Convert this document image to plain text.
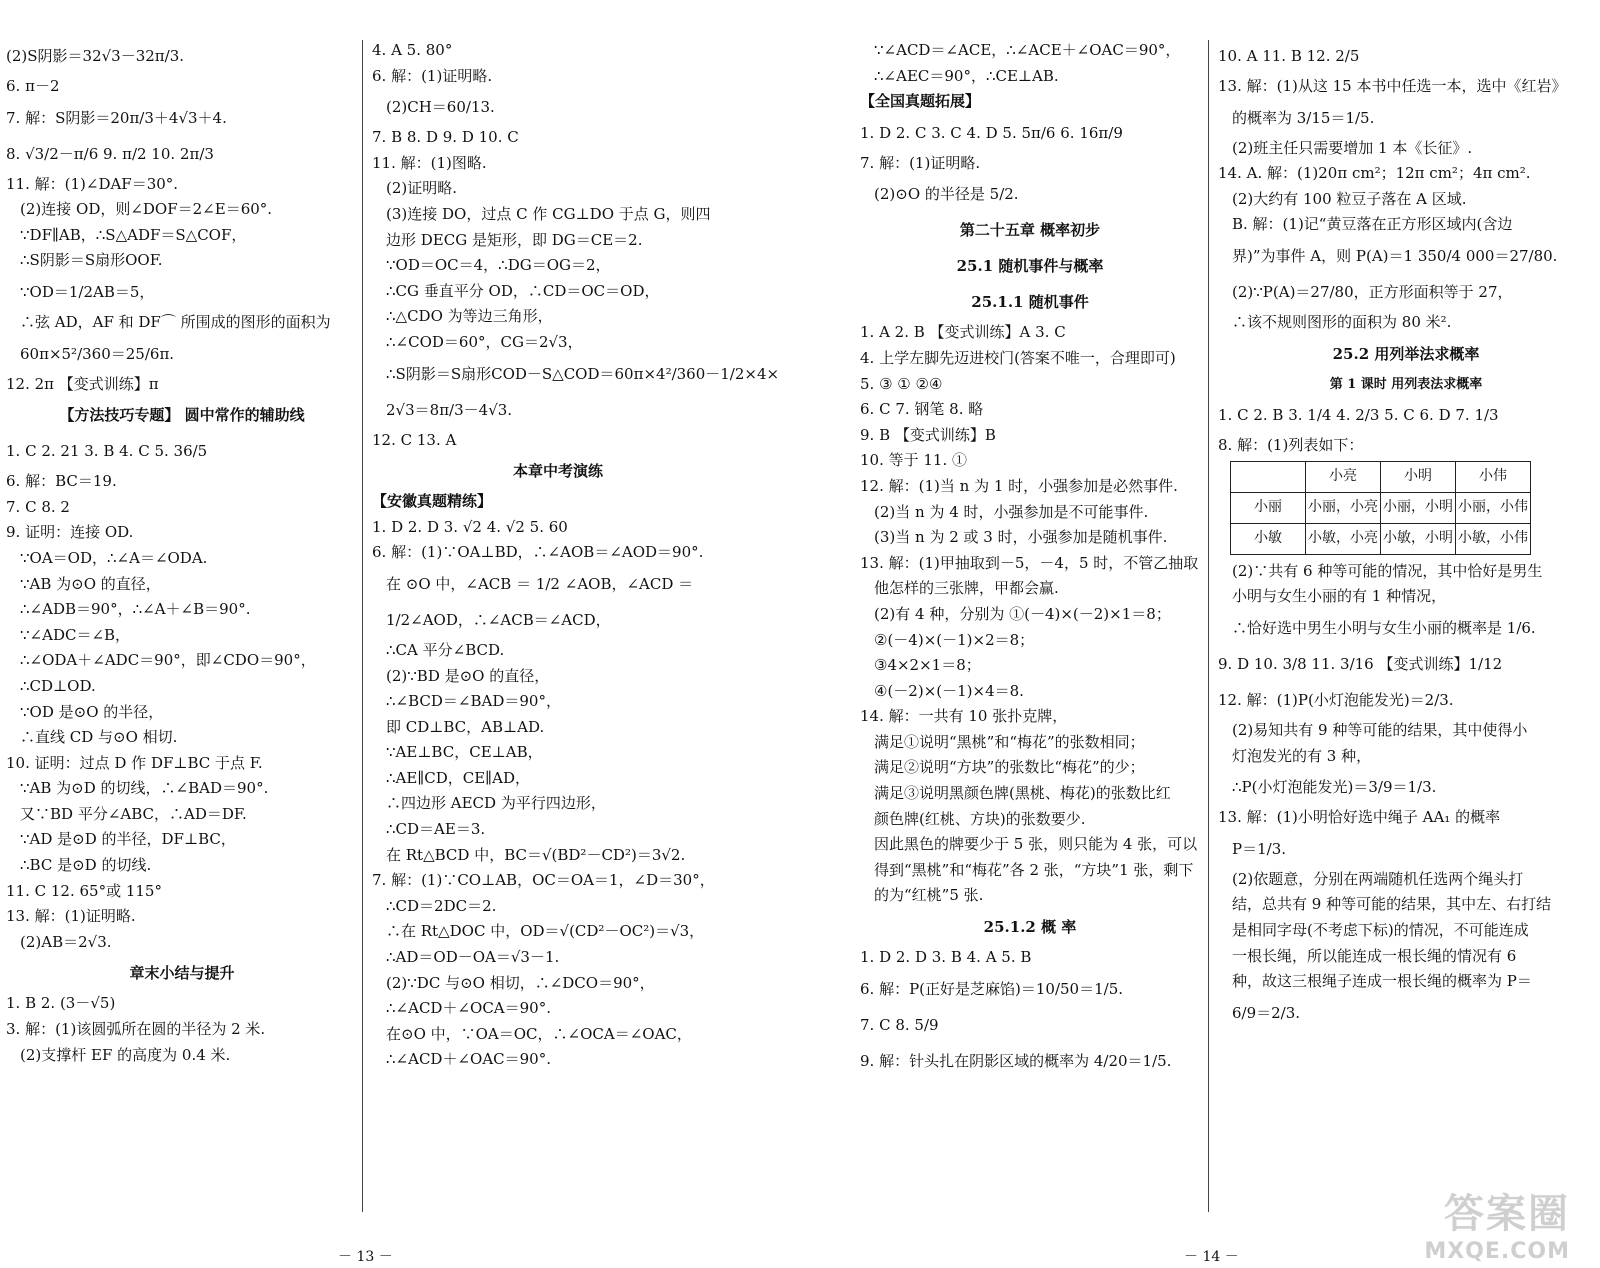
(2)S阴影＝32√3－32π/3.
6. π－2
7. 解：S阴影＝20π/3＋4√3＋4.
8. √3/2－π/6 9. π/2 10. 2π/3
11. 解：(1)∠DAF＝30°.
(2)连接 OD，则∠DOF＝2∠E＝60°.
∵DF∥AB，∴S△ADF＝S△COF，
∴S阴影＝S扇形OOF.
∵OD＝1/2AB＝5，
∴弦 AD，AF 和 DF⌒ 所围成的图形的面积为
60π×5²/360＝25/6π.
12. 2π 【变式训练】π
【方法技巧专题】 圆中常作的辅助线
1. C 2. 21 3. B 4. C 5. 36/5
6. 解：BC＝19.
7. C 8. 2
9. 证明：连接 OD.
∵OA＝OD，∴∠A＝∠ODA.
∵AB 为⊙O 的直径，
∴∠ADB＝90°，∴∠A＋∠B＝90°.
∵∠ADC＝∠B，
∴∠ODA＋∠ADC＝90°，即∠CDO＝90°，
∴CD⊥OD.
∵OD 是⊙O 的半径，
∴直线 CD 与⊙O 相切.
10. 证明：过点 D 作 DF⊥BC 于点 F.
∵AB 为⊙D 的切线，∴∠BAD＝90°.
又∵BD 平分∠ABC，∴AD＝DF.
∵AD 是⊙D 的半径，DF⊥BC，
∴BC 是⊙D 的切线.
11. C 12. 65°或 115°
13. 解：(1)证明略.
(2)AB＝2√3.
章末小结与提升
1. B 2. (3－√5)
3. 解：(1)该圆弧所在圆的半径为 2 米.
(2)支撑杆 EF 的高度为 0.4 米.
4. A 5. 80°
6. 解：(1)证明略.
(2)CH＝60/13.
7. B 8. D 9. D 10. C
11. 解：(1)图略.
(2)证明略.
(3)连接 DO，过点 C 作 CG⊥DO 于点 G，则四
边形 DECG 是矩形，即 DG＝CE＝2.
∵OD＝OC＝4，∴DG＝OG＝2，
∴CG 垂直平分 OD，∴CD＝OC＝OD，
∴△CDO 为等边三角形，
∴∠COD＝60°，CG＝2√3，
∴S阴影＝S扇形COD－S△COD＝60π×4²/360－1/2×4×
2√3＝8π/3－4√3.
12. C 13. A
本章中考演练
【安徽真题精练】
1. D 2. D 3. √2 4. √2 5. 60
6. 解：(1)∵OA⊥BD，∴∠AOB＝∠AOD＝90°.
在 ⊙O 中，∠ACB ＝ 1/2 ∠AOB，∠ACD ＝
1/2∠AOD，∴∠ACB＝∠ACD，
∴CA 平分∠BCD.
(2)∵BD 是⊙O 的直径，
∴∠BCD＝∠BAD＝90°，
即 CD⊥BC，AB⊥AD.
∵AE⊥BC，CE⊥AB，
∴AE∥CD，CE∥AD，
∴四边形 AECD 为平行四边形，
∴CD＝AE＝3.
在 Rt△BCD 中，BC＝√(BD²－CD²)＝3√2.
7. 解：(1)∵CO⊥AB，OC＝OA＝1，∠D＝30°，
∴CD＝2DC＝2.
∴在 Rt△DOC 中，OD＝√(CD²－OC²)＝√3，
∴AD＝OD－OA＝√3－1.
(2)∵DC 与⊙O 相切，∴∠DCO＝90°，
∴∠ACD＋∠OCA＝90°.
在⊙O 中，∵OA＝OC，∴∠OCA＝∠OAC，
∴∠ACD＋∠OAC＝90°.
－ 13 －
∵∠ACD＝∠ACE，∴∠ACE＋∠OAC＝90°，
∴∠AEC＝90°，∴CE⊥AB.
【全国真题拓展】
1. D 2. C 3. C 4. D 5. 5π/6 6. 16π/9
7. 解：(1)证明略.
(2)⊙O 的半径是 5/2.
第二十五章 概率初步
25.1 随机事件与概率
25.1.1 随机事件
1. A 2. B 【变式训练】A 3. C
4. 上学左脚先迈进校门(答案不唯一，合理即可)
5. ③ ① ②④
6. C 7. 钢笔 8. 略
9. B 【变式训练】B
10. 等于 11. ①
12. 解：(1)当 n 为 1 时，小强参加是必然事件.
(2)当 n 为 4 时，小强参加是不可能事件.
(3)当 n 为 2 或 3 时，小强参加是随机事件.
13. 解：(1)甲抽取到－5，－4，5 时，不管乙抽取
他怎样的三张牌，甲都会赢.
(2)有 4 种，分别为 ①(－4)×(－2)×1＝8；
②(－4)×(－1)×2＝8；
③4×2×1＝8；
④(－2)×(－1)×4＝8.
14. 解：一共有 10 张扑克牌，
满足①说明“黑桃”和“梅花”的张数相同；
满足②说明“方块”的张数比“梅花”的少；
满足③说明黑颜色牌(黑桃、梅花)的张数比红
颜色牌(红桃、方块)的张数要少.
因此黑色的牌要少于 5 张，则只能为 4 张，可以
得到“黑桃”和“梅花”各 2 张，“方块”1 张，剩下
的为“红桃”5 张.
25.1.2 概 率
1. D 2. D 3. B 4. A 5. B
6. 解：P(正好是芝麻馅)＝10/50＝1/5.
7. C 8. 5/9
9. 解：针头扎在阴影区域的概率为 4/20＝1/5.
10. A 11. B 12. 2/5
13. 解：(1)从这 15 本书中任选一本，选中《红岩》
的概率为 3/15＝1/5.
(2)班主任只需要增加 1 本《长征》.
14. A. 解：(1)20π cm²；12π cm²；4π cm².
(2)大约有 100 粒豆子落在 A 区域.
B. 解：(1)记“黄豆落在正方形区域内(含边
界)”为事件 A，则 P(A)＝1 350/4 000＝27/80.
(2)∵P(A)＝27/80，正方形面积等于 27，
∴该不规则图形的面积为 80 米².
25.2 用列举法求概率
第 1 课时 用列表法求概率
1. C 2. B 3. 1/4 4. 2/3 5. C 6. D 7. 1/3
8. 解：(1)列表如下：
	小亮	小明	小伟
小丽	小丽，小亮	小丽，小明	小丽，小伟
小敏	小敏，小亮	小敏，小明	小敏，小伟
(2)∵共有 6 种等可能的情况，其中恰好是男生
小明与女生小丽的有 1 种情况，
∴恰好选中男生小明与女生小丽的概率是 1/6.
9. D 10. 3/8 11. 3/16 【变式训练】1/12
12. 解：(1)P(小灯泡能发光)＝2/3.
(2)易知共有 9 种等可能的结果，其中使得小
灯泡发光的有 3 种，
∴P(小灯泡能发光)＝3/9＝1/3.
13. 解：(1)小明恰好选中绳子 AA₁ 的概率
P＝1/3.
(2)依题意，分别在两端随机任选两个绳头打
结，总共有 9 种等可能的结果，其中左、右打结
是相同字母(不考虑下标)的情况，不可能连成
一根长绳，所以能连成一根长绳的情况有 6
种，故这三根绳子连成一根长绳的概率为 P＝
6/9＝2/3.
－ 14 －
答案圈
MXQE.COM
